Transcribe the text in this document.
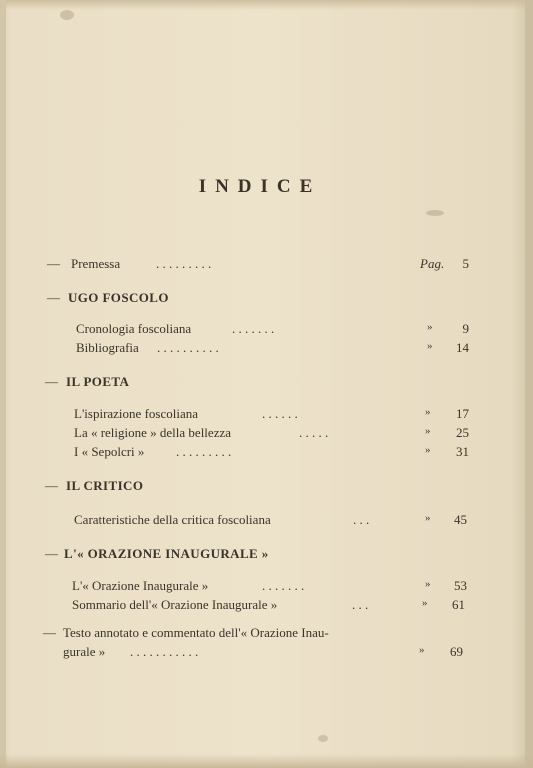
INDICE
— Premessa	. . . . . . . . .	Pag.	5
— UGO FOSCOLO
Cronologia foscoliana	. . . . . . .	»	9
Bibliografia . . . . . . . . . .	»	14
— IL POETA
L'ispirazione foscoliana	. . . . . .	»	17
La « religione » della bellezza	. . . . .	»	25
I « Sepolcri » . . . . . . . . .	»	31
— IL CRITICO
Caratteristiche della critica foscoliana	. . .	»	45
— L'« ORAZIONE INAUGURALE »
L'« Orazione Inaugurale »	. . . . . . .	»	53
Sommario dell'« Orazione Inaugurale »	. . .	»	61
— Testo annotato e commentato dell'« Orazione Inau-
gurale » . . . . . . . . . . .	»	69
